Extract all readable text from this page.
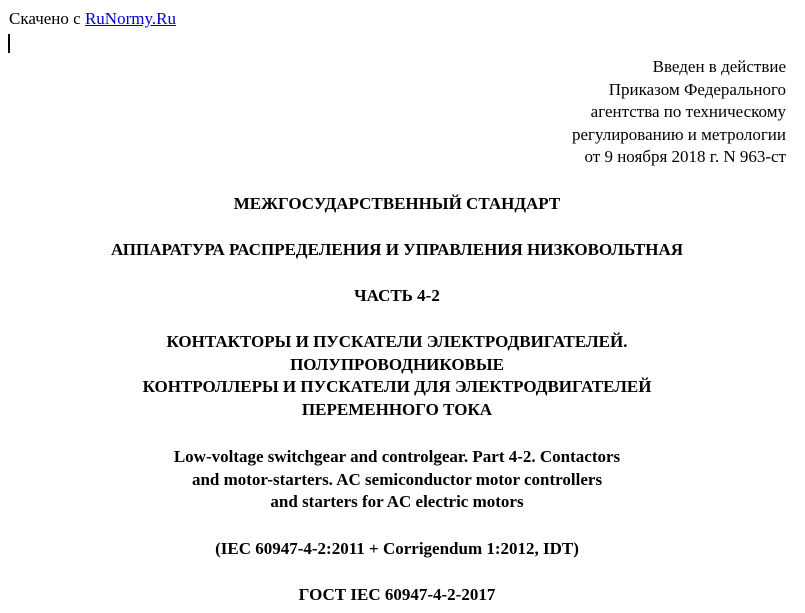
Скачено с RuNormy.Ru
Введен в действие
Приказом Федерального
агентства по техническому
регулированию и метрологии
от 9 ноября 2018 г. N 963-ст
МЕЖГОСУДАРСТВЕННЫЙ СТАНДАРТ
АППАРАТУРА РАСПРЕДЕЛЕНИЯ И УПРАВЛЕНИЯ НИЗКОВОЛЬТНАЯ
ЧАСТЬ 4-2
КОНТАКТОРЫ И ПУСКАТЕЛИ ЭЛЕКТРОДВИГАТЕЛЕЙ.
ПОЛУПРОВОДНИКОВЫЕ
КОНТРОЛЛЕРЫ И ПУСКАТЕЛИ ДЛЯ ЭЛЕКТРОДВИГАТЕЛЕЙ
ПЕРЕМЕННОГО ТОКА
Low-voltage switchgear and controlgear. Part 4-2. Contactors
and motor-starters. AC semiconductor motor controllers
and starters for AC electric motors
(IEC 60947-4-2:2011 + Corrigendum 1:2012, IDT)
ГОСТ IEC 60947-4-2-2017
